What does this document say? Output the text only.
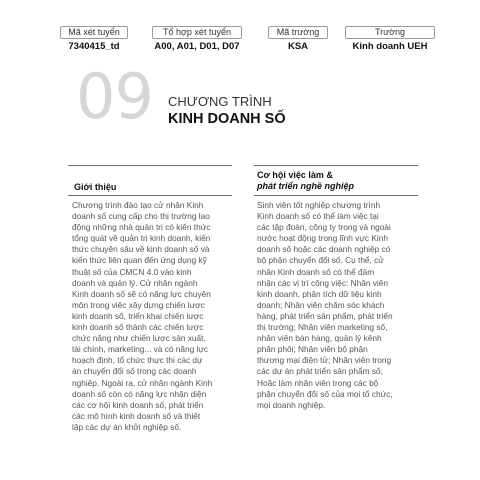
Mã xét tuyển	Tổ hợp xét tuyển	Mã trường	Trường
7340415_td	A00, A01, D01, D07	KSA	Kinh doanh UEH
09 CHƯƠNG TRÌNH
KINH DOANH SỐ
Giới thiệu
Chương trình đào tạo cử nhân Kinh
doanh số cung cấp cho thị trường lao
động những nhà quản trị có kiến thức
tổng quát về quản trị kinh doanh, kiến
thức chuyên sâu về kinh doanh số và
kiến thức liên quan đến ứng dụng kỹ
thuật số của CMCN 4.0 vào kinh
doanh và quản lý. Cử nhân ngành
Kinh doanh số sẽ có năng lực chuyên
môn trong việc xây dựng chiến lược
kinh doanh số, triển khai chiến lược
kinh doanh số thành các chiến lược
chức năng như chiến lược sản xuất,
tài chính, marketing... và có năng lực
hoạch định, tổ chức thực thi các dự
án chuyển đổi số trong các doanh
nghiệp. Ngoài ra, cử nhân ngành Kinh
doanh số còn có năng lực nhận diện
các cơ hội kinh doanh số, phát triển
các mô hình kinh doanh số và thiết
lập các dự án khởi nghiệp số.
Cơ hội việc làm &
phát triển nghề nghiệp
Sinh viên tốt nghiệp chương trình
Kinh doanh số có thể làm việc tại
các tập đoàn, công ty trong và ngoài
nước hoạt động trong lĩnh vực Kinh
doanh số hoặc các doanh nghiệp có
bộ phận chuyển đổi số. Cụ thể, cử
nhân Kinh doanh số có thể đảm
nhận các vị trí công việc: Nhân viên
kinh doanh, phân tích dữ liệu kinh
doanh; Nhân viên chăm sóc khách
hàng, phát triển sản phẩm, phát triển
thị trường; Nhân viên marketing số,
nhân viên bán hàng, quản lý kênh
phân phối; Nhân viên bộ phận
thương mại điện tử; Nhân viên trong
các dự án phát triển sản phẩm số;
Hoặc làm nhân viên trong các bộ
phận chuyển đổi số của mọi tổ chức,
mọi doanh nghiệp.
